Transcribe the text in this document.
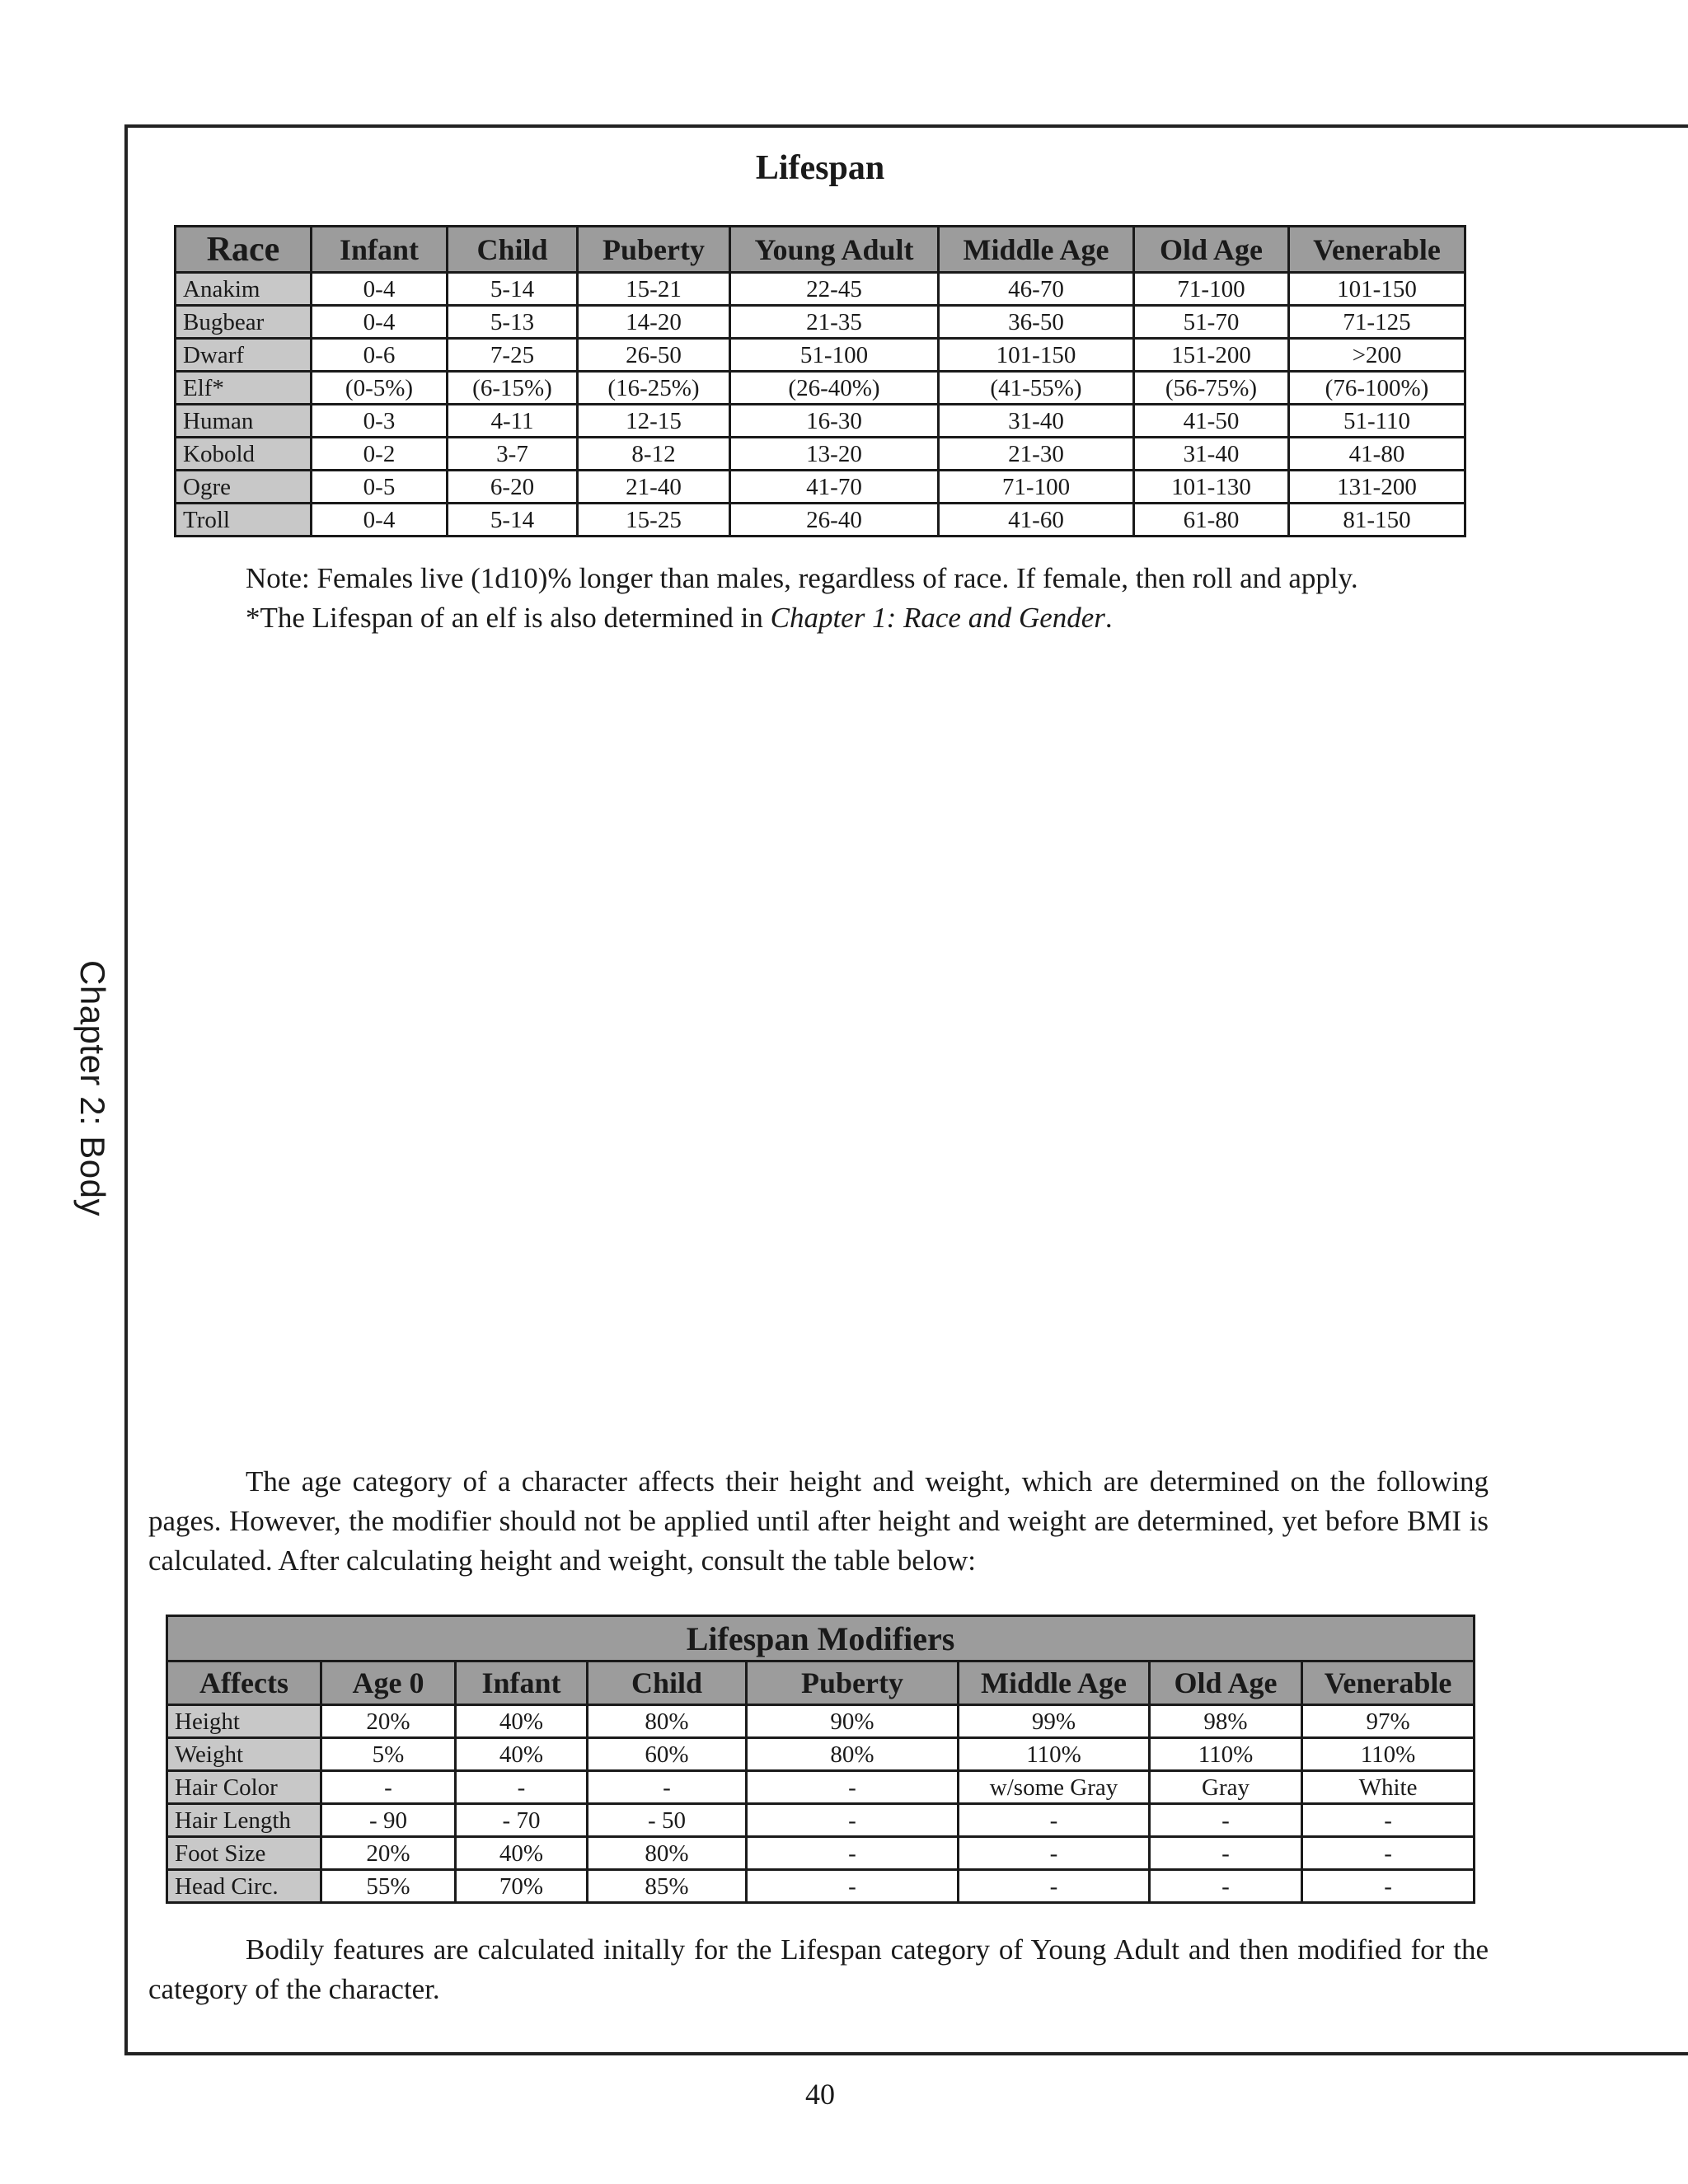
Chapter 2: Body
Lifespan
Race	Infant	Child	Puberty	Young Adult	Middle Age	Old Age	Venerable
Anakim	0-4	5-14	15-21	22-45	46-70	71-100	101-150
Bugbear	0-4	5-13	14-20	21-35	36-50	51-70	71-125
Dwarf	0-6	7-25	26-50	51-100	101-150	151-200	>200
Elf*	(0-5%)	(6-15%)	(16-25%)	(26-40%)	(41-55%)	(56-75%)	(76-100%)
Human	0-3	4-11	12-15	16-30	31-40	41-50	51-110
Kobold	0-2	3-7	8-12	13-20	21-30	31-40	41-80
Ogre	0-5	6-20	21-40	41-70	71-100	101-130	131-200
Troll	0-4	5-14	15-25	26-40	41-60	61-80	81-150

Note: Females live (1d10)% longer than males, regardless of race. If female, then roll and apply.

*The Lifespan of an elf is also determined in Chapter 1: Race and Gender.

The age category of a character affects their height and weight, which are determined on the following pages. However, the modifier should not be applied until after height and weight are determined, yet before BMI is calculated. After calculating height and weight, consult the table below:
Lifespan Modifiers							
Affects	Age 0	Infant	Child	Puberty	Middle Age	Old Age	Venerable
Height	20%	40%	80%	90%	99%	98%	97%
Weight	5%	40%	60%	80%	110%	110%	110%
Hair Color	-	-	-	-	w/some Gray	Gray	White
Hair Length	- 90	- 70	- 50	-	-	-	-
Foot Size	20%	40%	80%	-	-	-	-
Head Circ.	55%	70%	85%	-	-	-	-
Bodily features are calculated initally for the Lifespan category of Young Adult and then modified for the category of the character.
40
